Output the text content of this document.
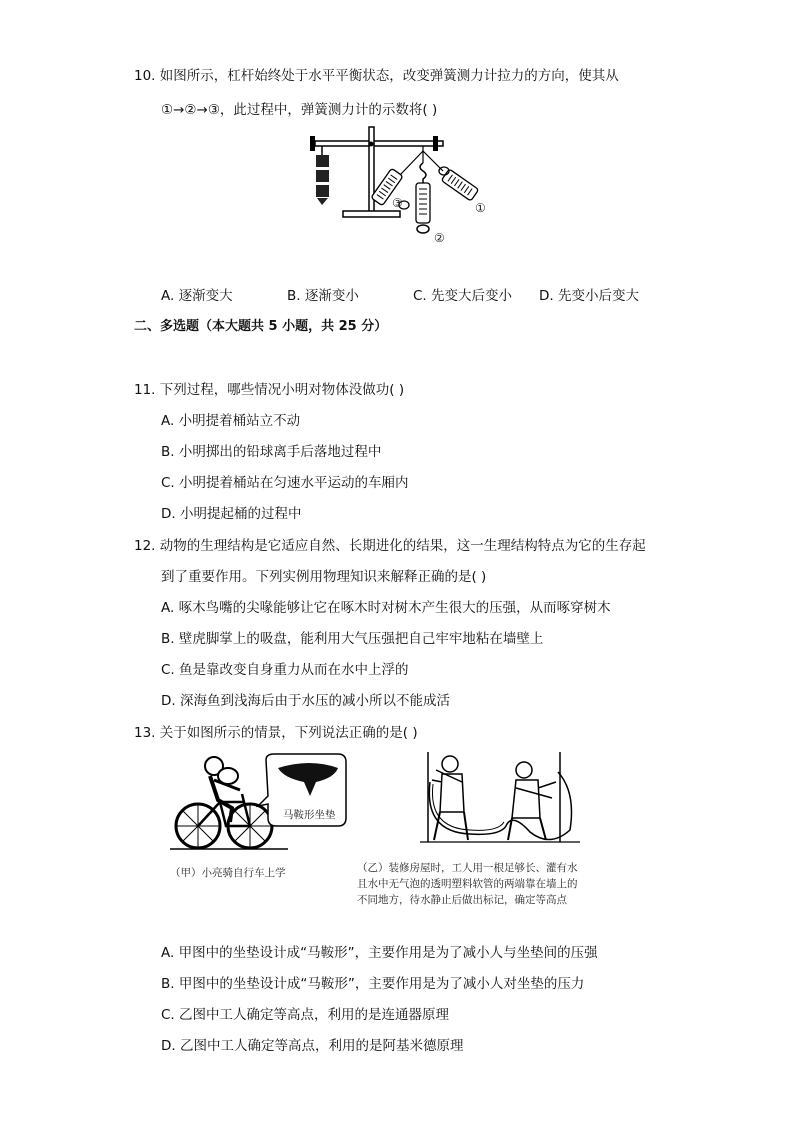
10. 如图所示，杠杆始终处于水平平衡状态，改变弹簧测力计拉力的方向，使其从
①→②→③，此过程中，弹簧测力计的示数将( )
③
②
①
A. 逐渐变大	B. 逐渐变小	C. 先变大后变小 D. 先变小后变大
二、多选题（本大题共 5 小题，共 25 分）
11. 下列过程，哪些情况小明对物体没做功( )
A. 小明提着桶站立不动
B. 小明掷出的铅球离手后落地过程中
C. 小明提着桶站在匀速水平运动的车厢内
D. 小明提起桶的过程中
12. 动物的生理结构是它适应自然、长期进化的结果，这一生理结构特点为它的生存起
到了重要作用。下列实例用物理知识来解释正确的是( )
A. 啄木鸟嘴的尖喙能够让它在啄木时对树木产生很大的压强，从而啄穿树木
B. 壁虎脚掌上的吸盘，能利用大气压强把自己牢牢地粘在墙壁上
C. 鱼是靠改变自身重力从而在水中上浮的
D. 深海鱼到浅海后由于水压的减小所以不能成活
13. 关于如图所示的情景，下列说法正确的是( )
马鞍形坐垫
（甲）小亮骑自行车上学	（乙）装修房屋时，工人用一根足够长、灌有水
且水中无气泡的透明塑料软管的两端靠在墙上的
不同地方，待水静止后做出标记，确定等高点
A. 甲图中的坐垫设计成“马鞍形”，主要作用是为了减小人与坐垫间的压强
B. 甲图中的坐垫设计成“马鞍形”，主要作用是为了减小人对坐垫的压力
C. 乙图中工人确定等高点，利用的是连通器原理
D. 乙图中工人确定等高点，利用的是阿基米德原理
